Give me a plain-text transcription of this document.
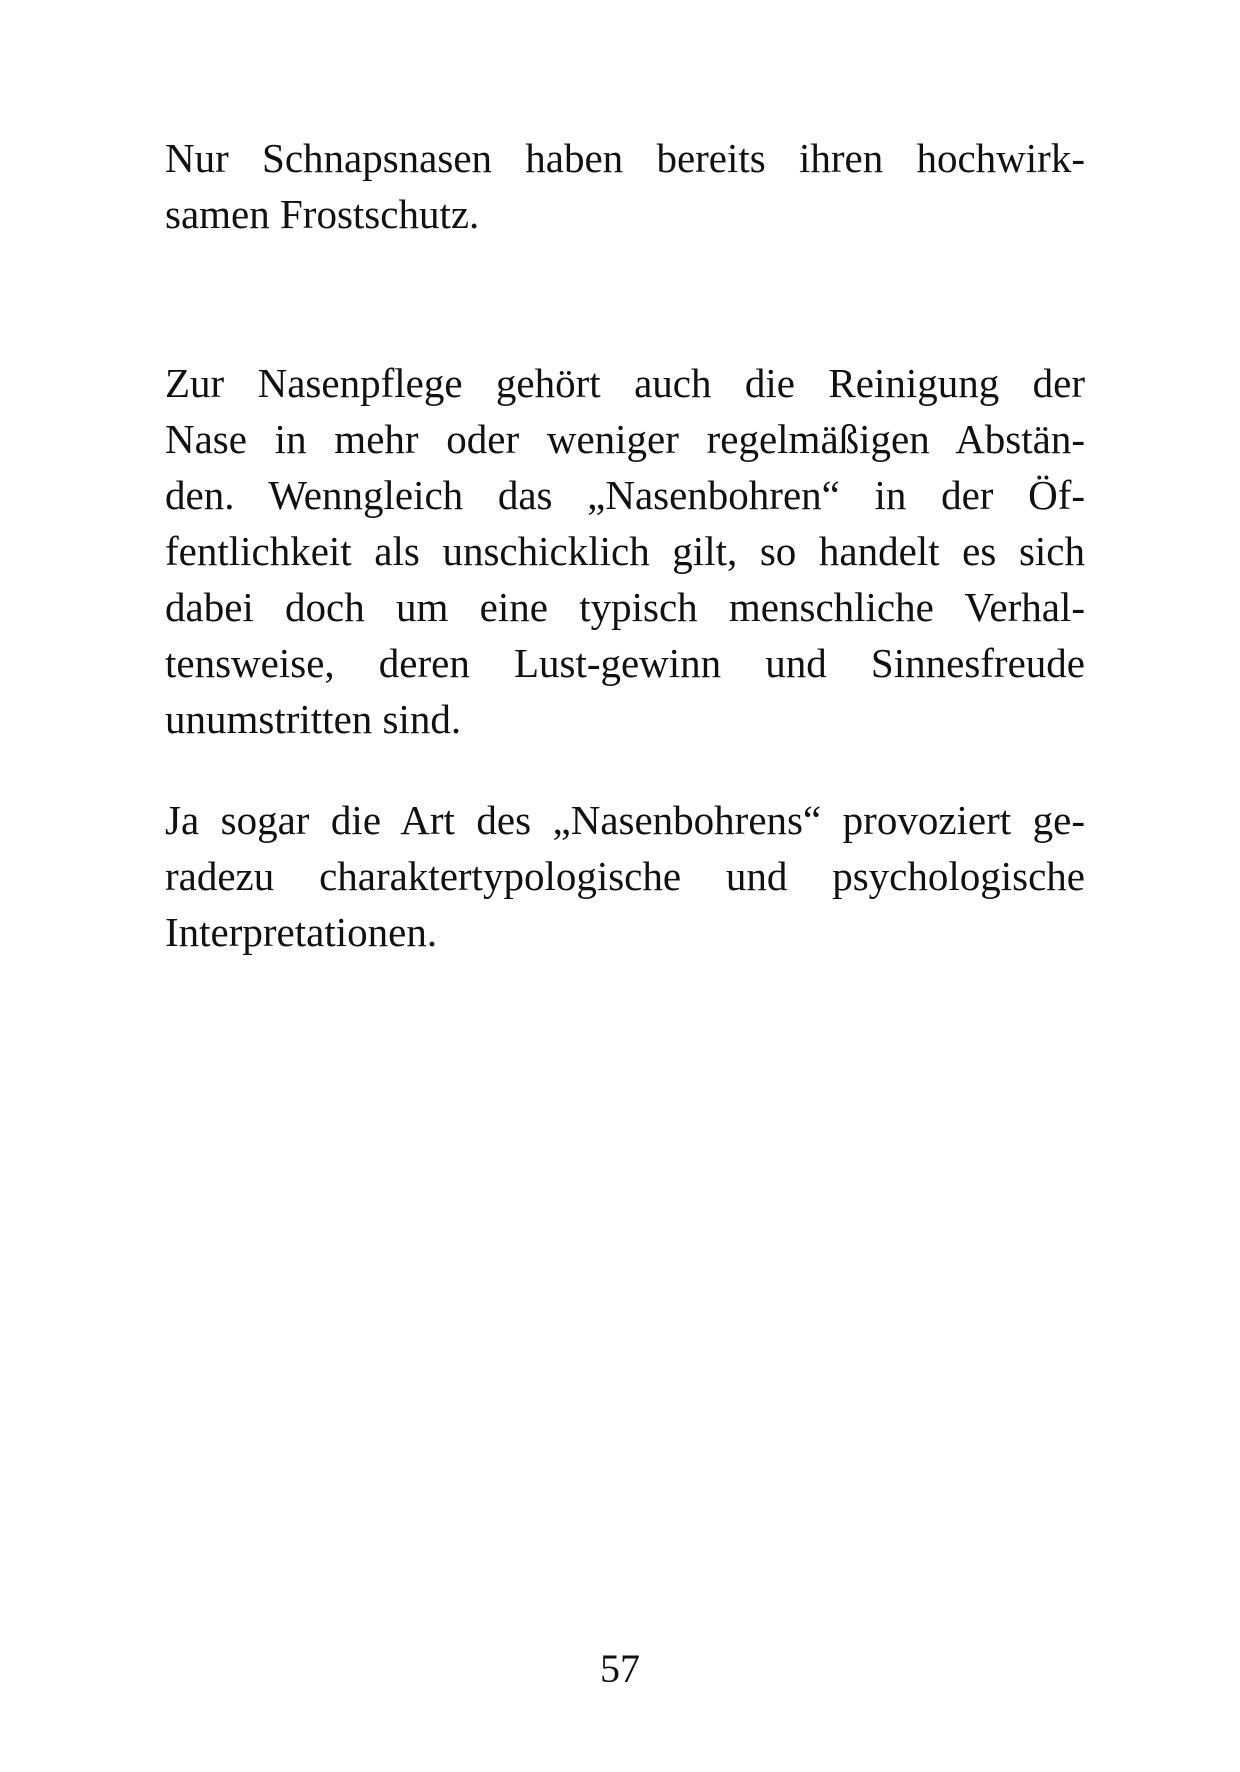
Nur Schnapsnasen haben bereits ihren hochwirk-
samen Frostschutz.
Zur Nasenpflege gehört auch die Reinigung der
Nase in mehr oder weniger regelmäßigen Abstän-
den. Wenngleich das „Nasenbohren“ in der Öf-
fentlichkeit als unschicklich gilt, so handelt es sich
dabei doch um eine typisch menschliche Verhal-
tensweise, deren Lust-gewinn und Sinnesfreude
unumstritten sind.
Ja sogar die Art des „Nasenbohrens“ provoziert ge-
radezu charaktertypologische und psychologische
Interpretationen.
57
